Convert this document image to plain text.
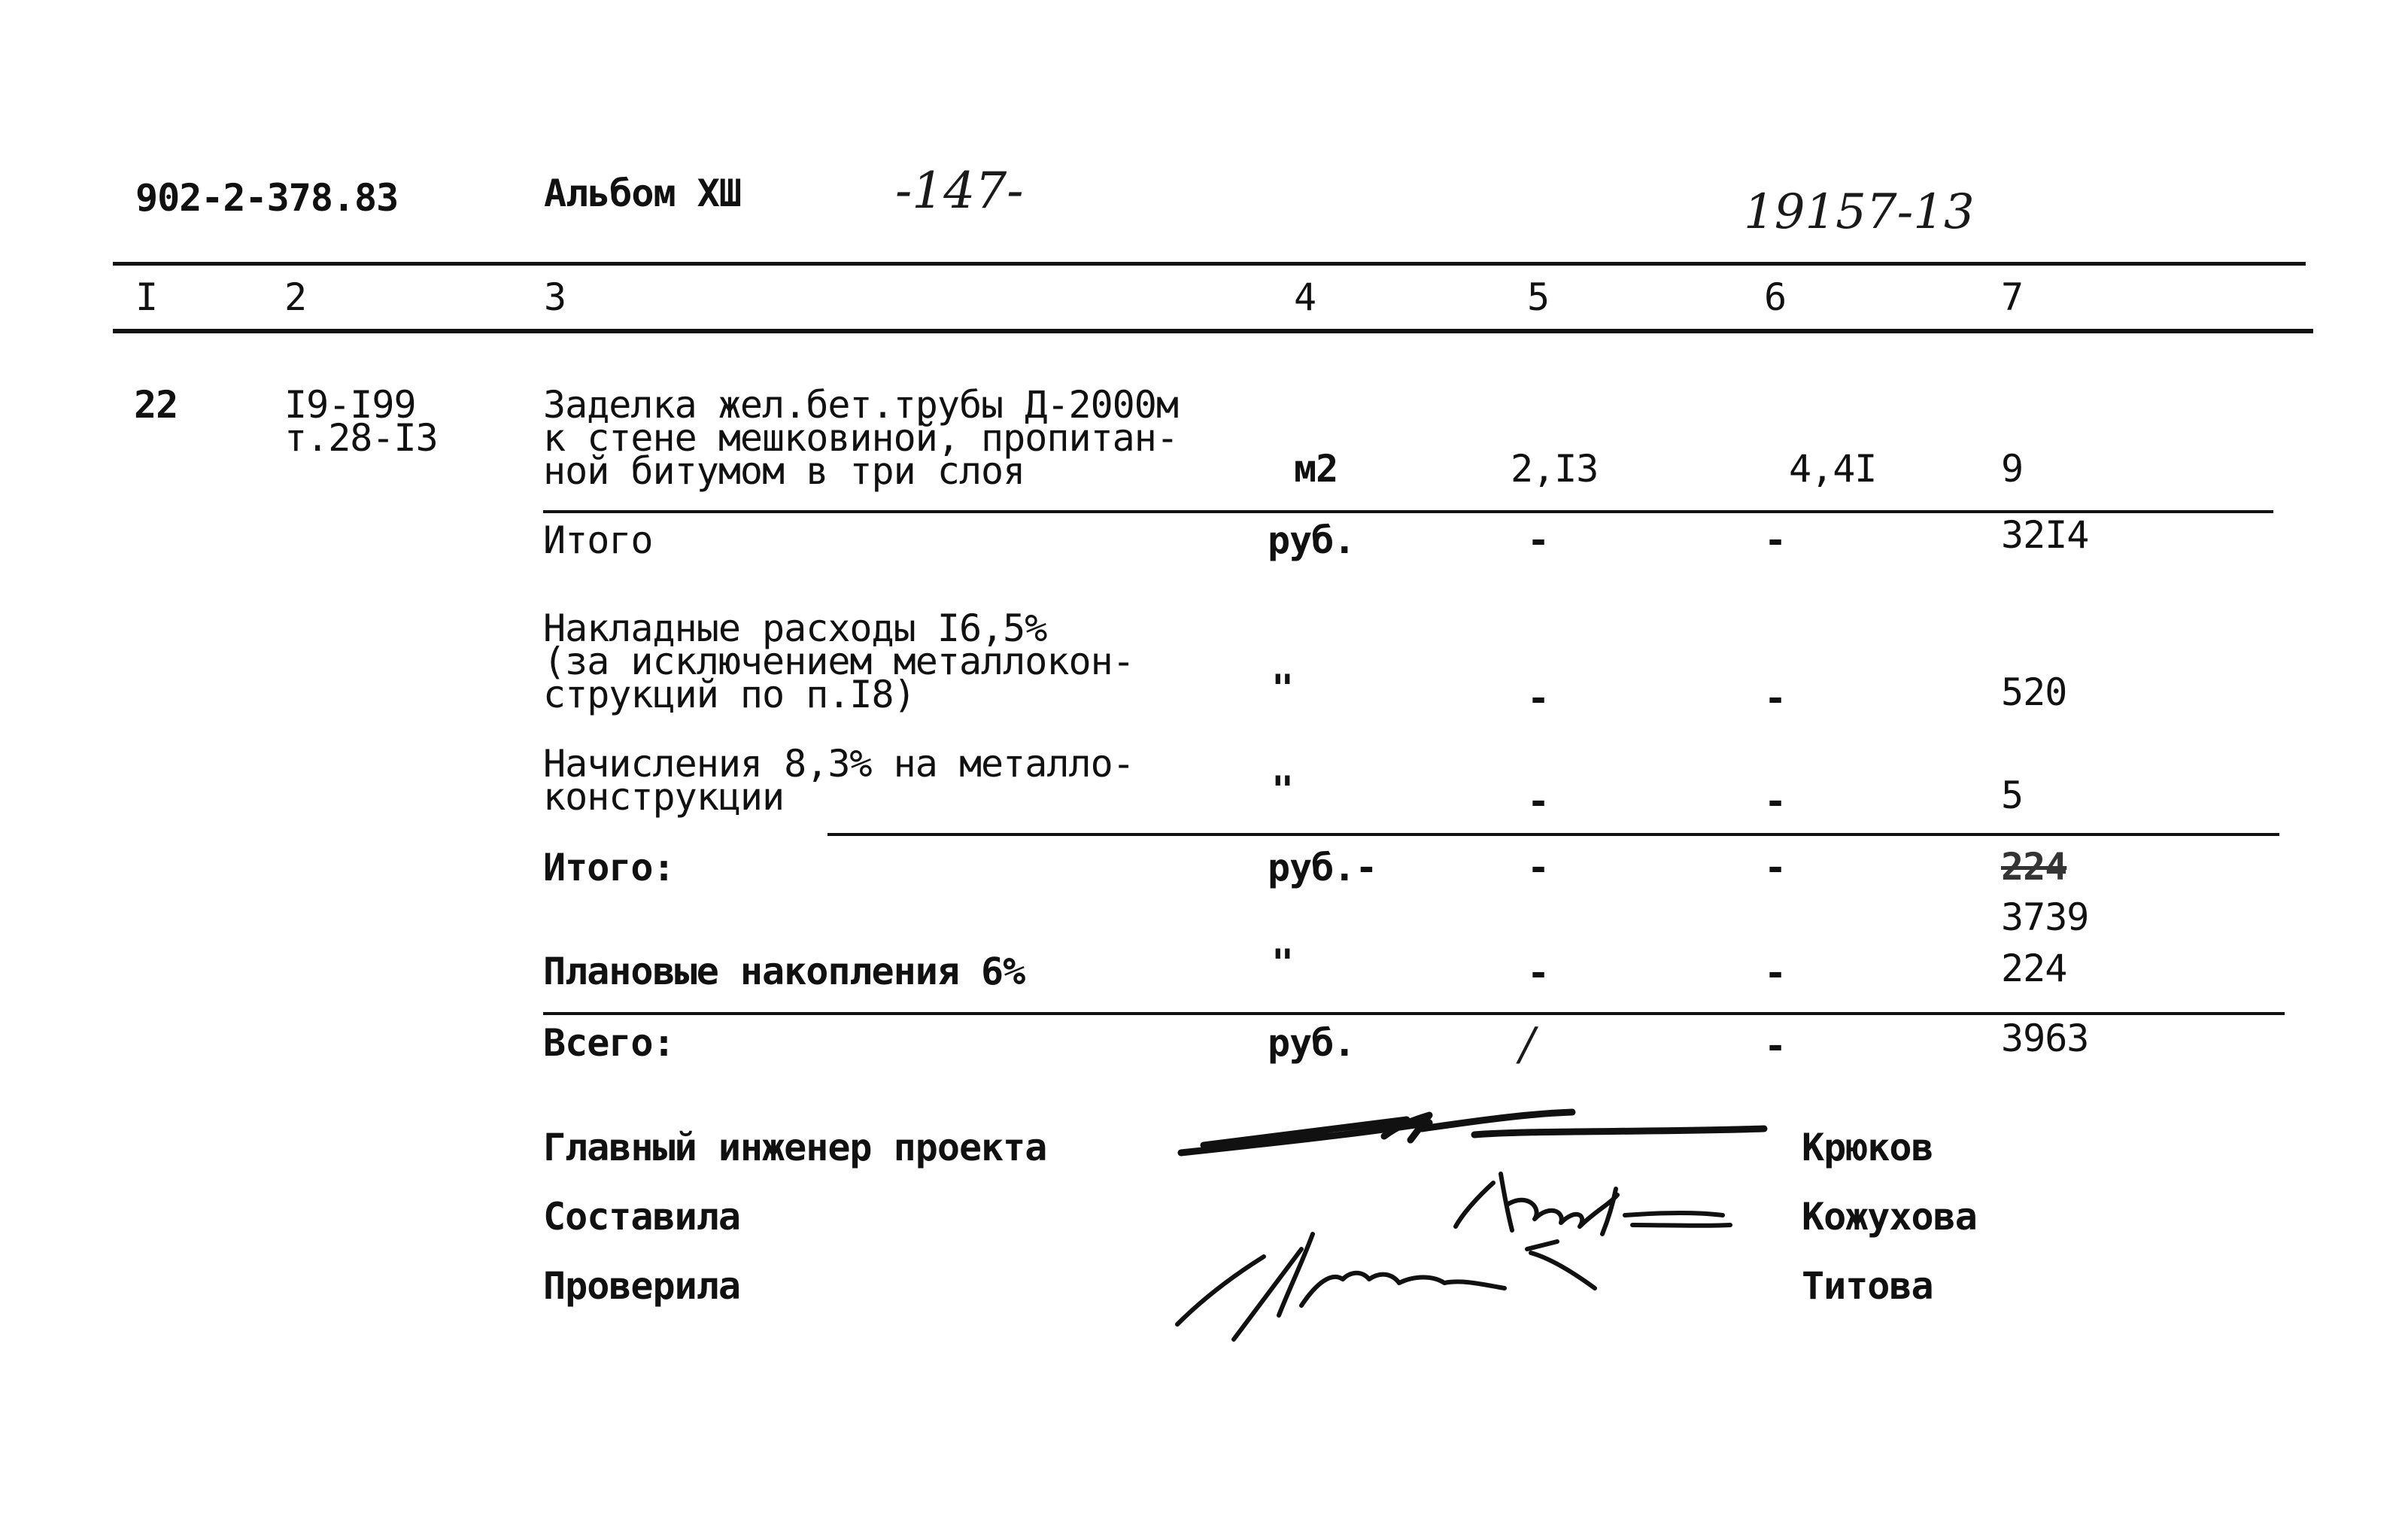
902-2-378.83	Альбом XШ	-147-	19157-13
I	2	3	4	5	6	7
22	I9-I99
т.28-I3
Заделка жел.бет.трубы Д-2000м
к стене мешковиной, пропитан-
ной битумом в три слоя	м2	2,I3	4,4I	9
Итого	руб.	-	-	32I4
Накладные расходы I6,5%
(за исключением металлокон-
струкций по п.I8)	"	-	-	520
Начисления 8,3% на металло-
конструкции	"	-	-	5
Итого:	руб.-	-	-	224
3739
Плановые накопления 6%	"	-	-	224
Всего:	руб.	/	-	3963
Главный инженер проекта
Составила
Проверила
Крюков
Кожухова
Титова
